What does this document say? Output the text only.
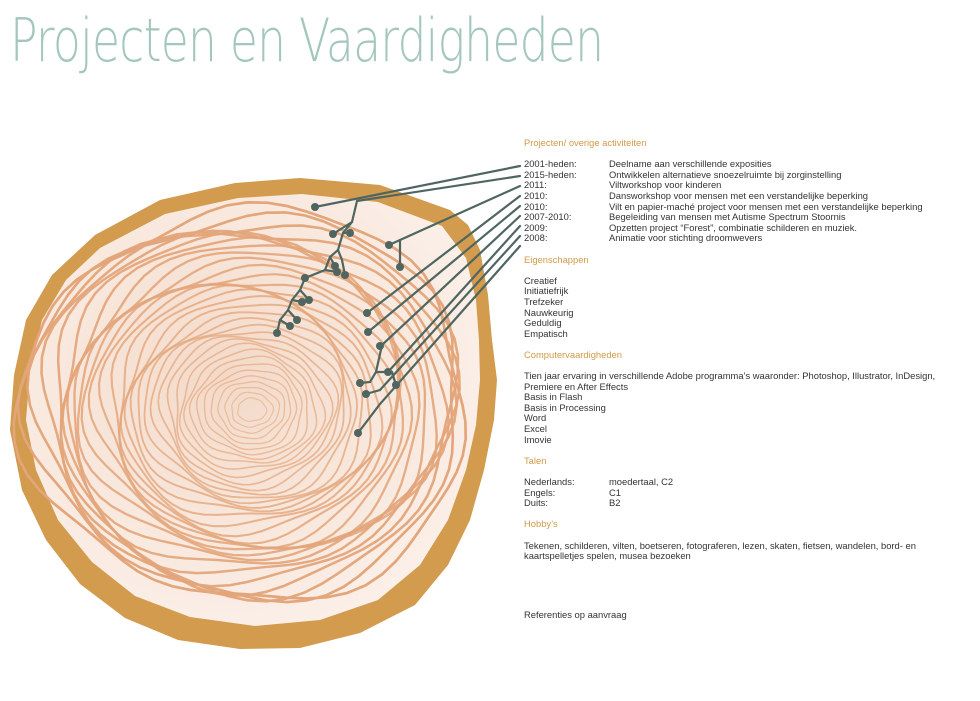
Projecten en Vaardigheden
Projecten/ overige activiteiten
2001-heden:	Deelname aan verschillende exposities
2015-heden:	Ontwikkelen alternatieve snoezelruimte bij zorginstelling
2011:	Viltworkshop voor kinderen
2010:	Dansworkshop voor mensen met een verstandelijke beperking
2010:	Vilt en papier-maché project voor mensen met een verstandelijke beperking
2007-2010:	Begeleiding van mensen met Autisme Spectrum Stoornis
2009:	Opzetten project “Forest”, combinatie schilderen en muziek.
2008:	Animatie voor stichting droomwevers
Eigenschappen
Creatief
Initiatiefrijk
Trefzeker
Nauwkeurig
Geduldig
Empatisch
Computervaardigheden
Tien jaar ervaring in verschillende Adobe programma’s waaronder: Photoshop, Illustrator, InDesign, Premiere en After Effects
Basis in Flash
Basis in Processing
Word
Excel
Imovie
Talen
Nederlands:	moedertaal, C2
Engels:	C1
Duits:	B2
Hobby’s
Tekenen, schilderen, vilten, boetseren, fotograferen, lezen, skaten, fietsen, wandelen, bord- en kaartspelletjes spelen, musea bezoeken
Referenties op aanvraag
